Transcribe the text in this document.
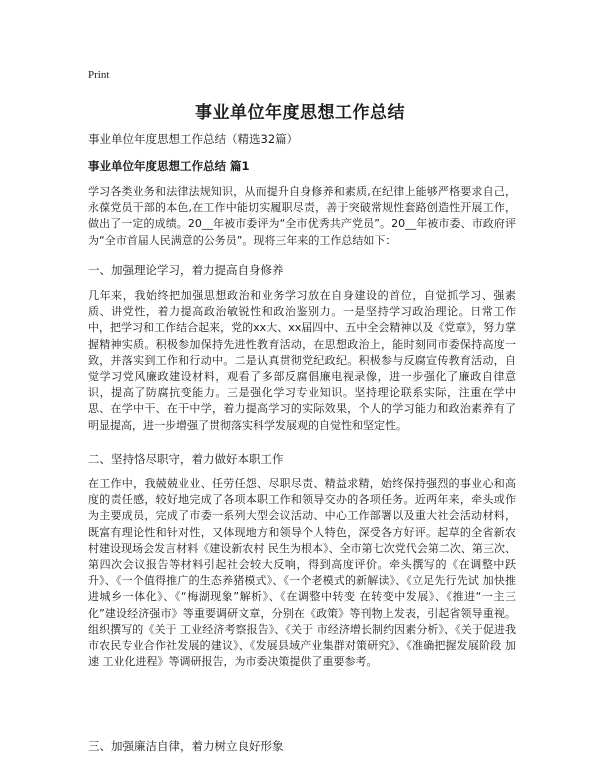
Print
事业单位年度思想工作总结
事业单位年度思想工作总结（精选32篇）
事业单位年度思想工作总结 篇1

学习各类业务和法律法规知识，从而提升自身修养和素质,在纪律上能够严格要求自己，永葆党员干部的本色,在工作中能切实履职尽责，善于突破常规性套路创造性开展工作，做出了一定的成绩。20__年被市委评为“全市优秀共产党员”。20__年被市委、市政府评为“全市首届人民满意的公务员”。现将三年来的工作总结如下：

一、加强理论学习，着力提高自身修养

几年来，我始终把加强思想政治和业务学习放在自身建设的首位，自觉抓学习、强素质、讲党性，着力提高政治敏锐性和政治鉴别力。一是坚持学习政治理论。日常工作中，把学习和工作结合起来，党的xx大、xx届四中、五中全会精神以及《党章》，努力掌握精神实质。积极参加保持先进性教育活动，在思想政治上，能时刻同市委保持高度一致，并落实到工作和行动中。二是认真贯彻党纪政纪。积极参与反腐宣传教育活动，自觉学习党风廉政建设材料，观看了多部反腐倡廉电视录像，进一步强化了廉政自律意识，提高了防腐抗变能力。三是强化学习专业知识。坚持理论联系实际，注重在学中思、在学中干、在干中学，着力提高学习的实际效果，个人的学习能力和政治素养有了明显提高，进一步增强了贯彻落实科学发展观的自觉性和坚定性。

二、坚持恪尽职守，着力做好本职工作

在工作中，我兢兢业业、任劳任怨、尽职尽责、精益求精，始终保持强烈的事业心和高度的责任感，较好地完成了各项本职工作和领导交办的各项任务。近两年来，牵头或作为主要成员，完成了市委一系列大型会议活动、中心工作部署以及重大社会活动材料，既富有理论性和针对性，又体现地方和领导个人特色，深受各方好评。起草的全省新农村建设现场会发言材料《建设新农村 民生为根本》、全市第七次党代会第二次、第三次、第四次会议报告等材料引起社会较大反响，得到高度评价。牵头撰写的《在调整中跃升》、《一个值得推广的生态养猪模式》、《一个老模式的新解读》、《立足先行先试 加快推进城乡一体化》、《“梅湖现象”解析》、《在调整中转变 在转变中发展》、《推进“一主三化”建设经济强市》等重要调研文章，分别在《政策》等刊物上发表，引起省领导重视。组织撰写的《关于 工业经济考察报告》、《关于 市经济增长制约因素分析》、《关于促进我市农民专业合作社发展的建议》、《发展县域产业集群对策研究》、《准确把握发展阶段 加速 工业化进程》等调研报告，为市委决策提供了重要参考。

三、加强廉洁自律，着力树立良好形象
